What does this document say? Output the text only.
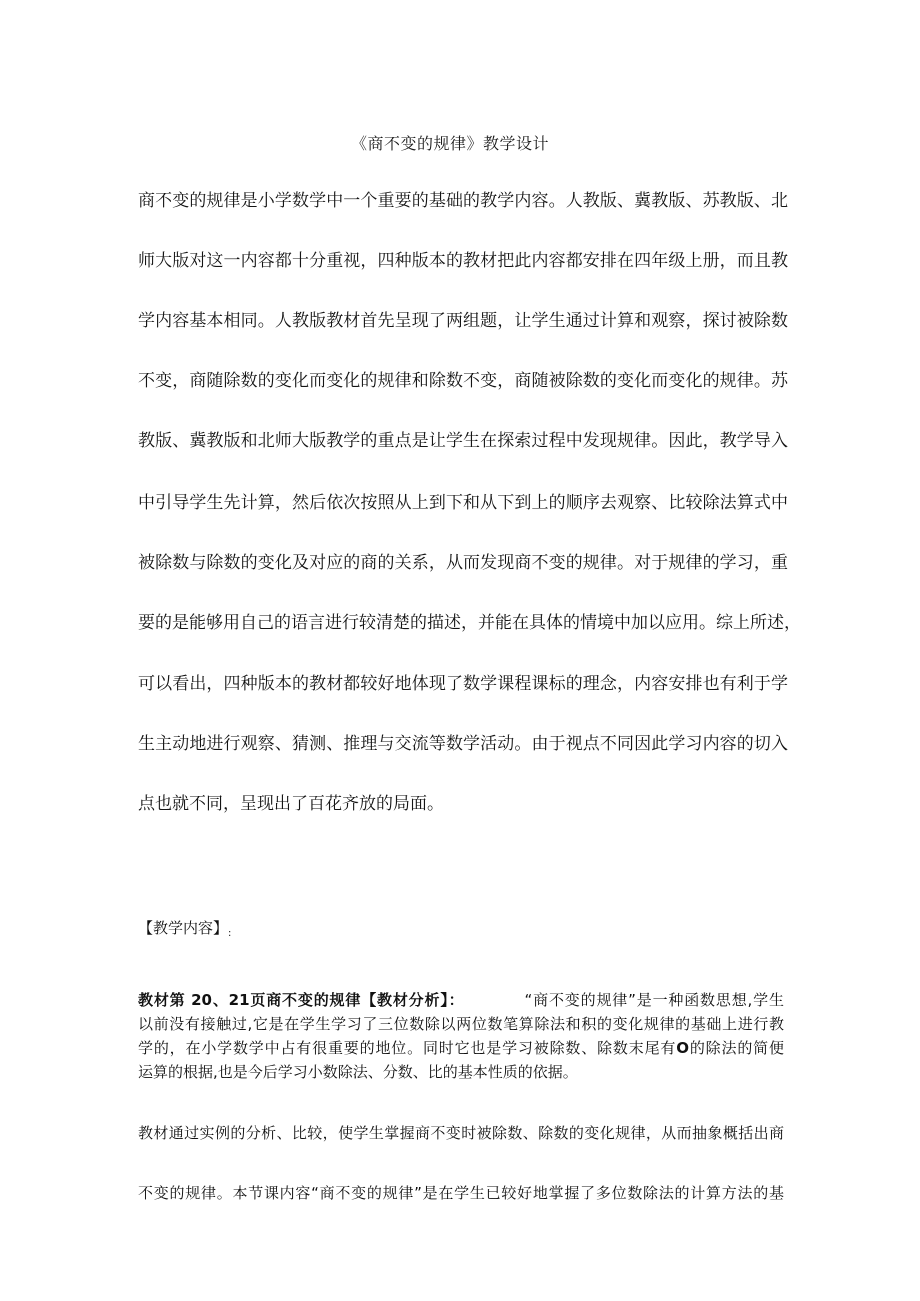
《商不变的规律》教学设计
商不变的规律是小学数学中一个重要的基础的教学内容。人教版、冀教版、苏教版、北
师大版对这一内容都十分重视，四种版本的教材把此内容都安排在四年级上册，而且教
学内容基本相同。人教版教材首先呈现了两组题，让学生通过计算和观察，探讨被除数
不变，商随除数的变化而变化的规律和除数不变，商随被除数的变化而变化的规律。苏
教版、冀教版和北师大版教学的重点是让学生在探索过程中发现规律。因此，教学导入
中引导学生先计算，然后依次按照从上到下和从下到上的顺序去观察、比较除法算式中
被除数与除数的变化及对应的商的关系，从而发现商不变的规律。对于规律的学习，重
要的是能够用自己的语言进行较清楚的描述，并能在具体的情境中加以应用。综上所述，
可以看出，四种版本的教材都较好地体现了数学课程课标的理念，内容安排也有利于学
生主动地进行观察、猜测、推理与交流等数学活动。由于视点不同因此学习内容的切入
点也就不同，呈现出了百花齐放的局面。
【教学内容】$_:$
教材第 20、21页商不变的规律【教材分析】：	“商不变的规律”是一种函数思想,学生
以前没有接触过,它是在学生学习了三位数除以两位数笔算除法和积的变化规律的基础上进行教
学的，在小学数学中占有很重要的地位。同时它也是学习被除数、除数末尾有O的除法的简便
运算的根据,也是今后学习小数除法、分数、比的基本性质的依据。
教材通过实例的分析、比较，使学生掌握商不变时被除数、除数的变化规律，从而抽象概括出商
不变的规律。本节课内容“商不变的规律”是在学生已较好地掌握了多位数除法的计算方法的基
